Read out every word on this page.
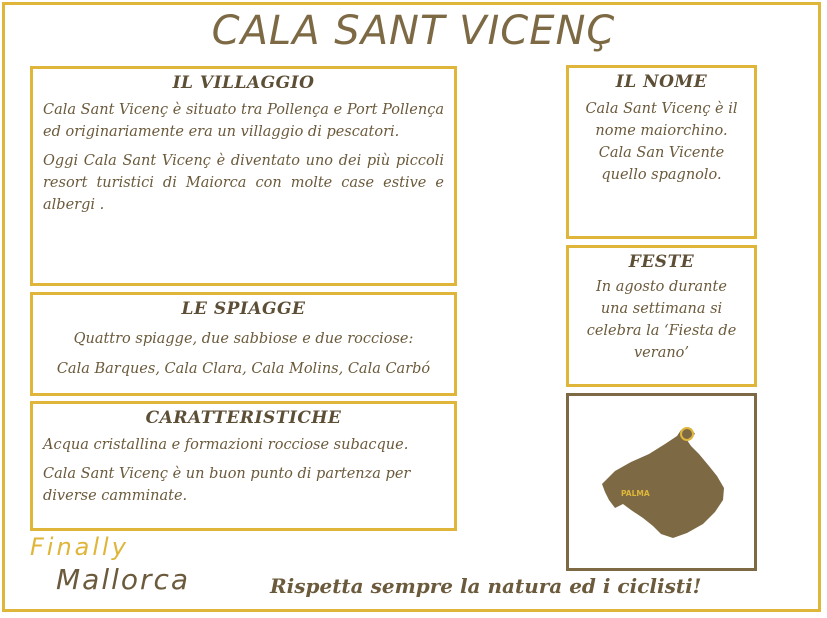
CALA SANT VICENÇ
IL VILLAGGIO

Cala Sant Vicenç è situato tra Pollença e Port Pollença ed originariamente era un villaggio di pescatori.

Oggi Cala Sant Vicenç è diventato uno dei più piccoli resort turistici di Maiorca con molte case estive e albergi .

LE SPIAGGE

Quattro spiagge, due sabbiose e due rocciose:

Cala Barques, Cala Clara, Cala Molins, Cala Carbó

CARATTERISTICHE

Acqua cristallina e formazioni rocciose subacque.

Cala Sant Vicenç è un buon punto di partenza per diverse camminate.

IL NOME

Cala Sant Vicenç è il

nome maiorchino.

Cala San Vicente

quello spagnolo.

FESTE

In agosto durante

una settimana si

celebra la ‘Fiesta de

verano’

PALMA
Finally
Mallorca	Rispetta sempre la natura ed i ciclisti!
